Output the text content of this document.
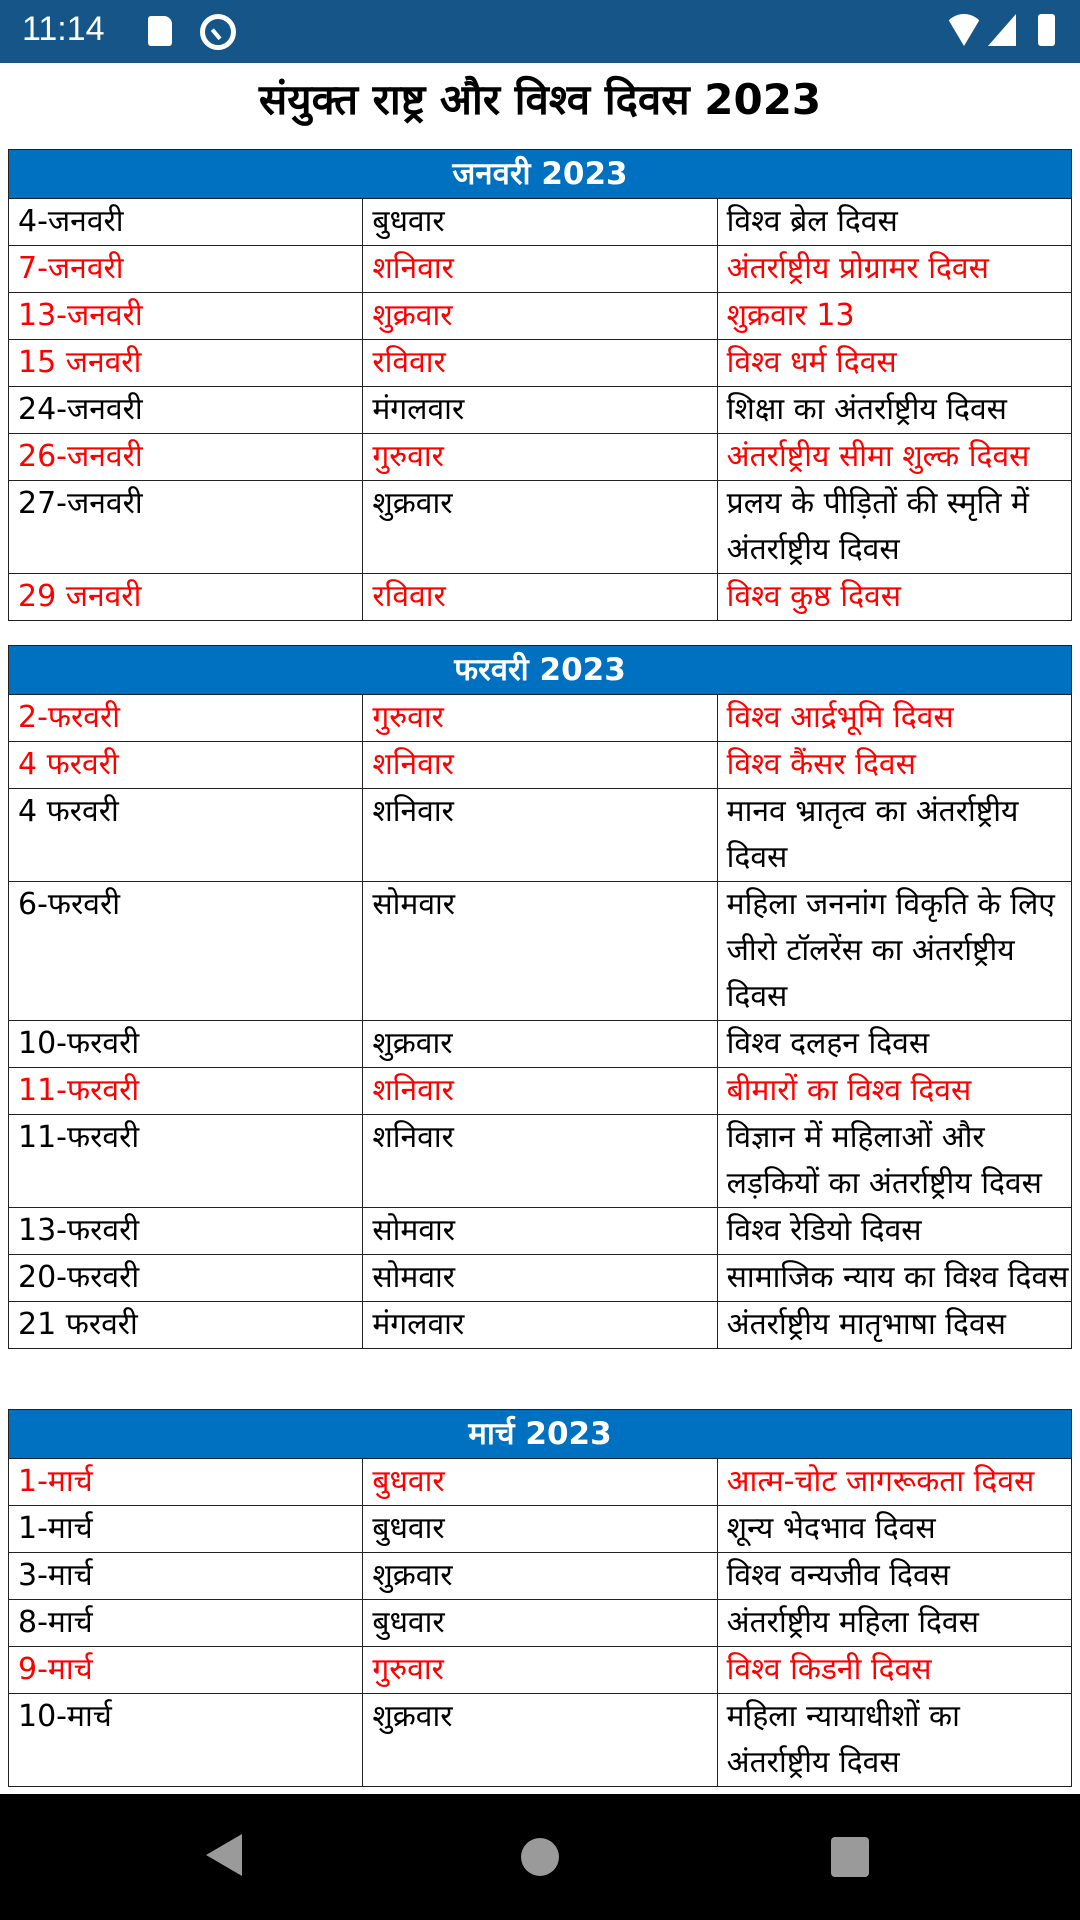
11:14
संयुक्त राष्ट्र और विश्व दिवस 2023
जनवरी 2023		
4-जनवरी	बुधवार	विश्व ब्रेल दिवस
7-जनवरी	शनिवार	अंतर्राष्ट्रीय प्रोग्रामर दिवस
13-जनवरी	शुक्रवार	शुक्रवार 13
15 जनवरी	रविवार	विश्व धर्म दिवस
24-जनवरी	मंगलवार	शिक्षा का अंतर्राष्ट्रीय दिवस
26-जनवरी	गुरुवार	अंतर्राष्ट्रीय सीमा शुल्क दिवस
27-जनवरी	शुक्रवार	प्रलय के पीड़ितों की स्मृति में अंतर्राष्ट्रीय दिवस
29 जनवरी	रविवार	विश्व कुष्ठ दिवस
फरवरी 2023		
2-फरवरी	गुरुवार	विश्व आर्द्रभूमि दिवस
4 फरवरी	शनिवार	विश्व कैंसर दिवस
4 फरवरी	शनिवार	मानव भ्रातृत्व का अंतर्राष्ट्रीय दिवस
6-फरवरी	सोमवार	महिला जननांग विकृति के लिए जीरो टॉलरेंस का अंतर्राष्ट्रीय दिवस
10-फरवरी	शुक्रवार	विश्व दलहन दिवस
11-फरवरी	शनिवार	बीमारों का विश्व दिवस
11-फरवरी	शनिवार	विज्ञान में महिलाओं और लड़कियों का अंतर्राष्ट्रीय दिवस
13-फरवरी	सोमवार	विश्व रेडियो दिवस
20-फरवरी	सोमवार	सामाजिक न्याय का विश्व दिवस
21 फरवरी	मंगलवार	अंतर्राष्ट्रीय मातृभाषा दिवस
मार्च 2023		
1-मार्च	बुधवार	आत्म-चोट जागरूकता दिवस
1-मार्च	बुधवार	शून्य भेदभाव दिवस
3-मार्च	शुक्रवार	विश्व वन्यजीव दिवस
8-मार्च	बुधवार	अंतर्राष्ट्रीय महिला दिवस
9-मार्च	गुरुवार	विश्व किडनी दिवस
10-मार्च	शुक्रवार	महिला न्यायाधीशों का अंतर्राष्ट्रीय दिवस
